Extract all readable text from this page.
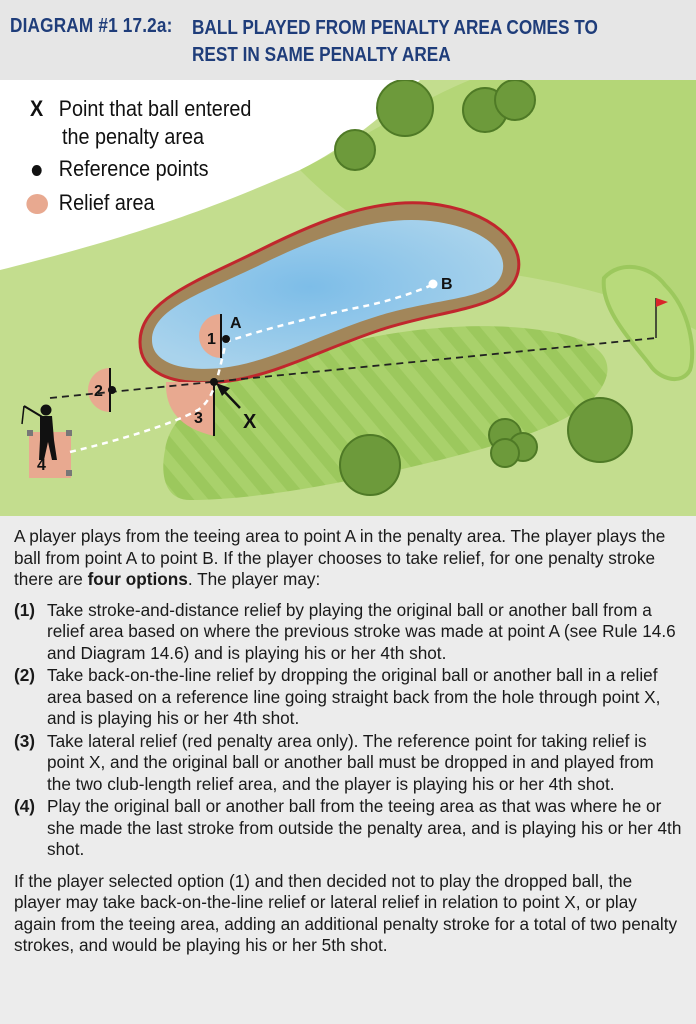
DIAGRAM #1 17.2a: BALL PLAYED FROM PENALTY AREA COMES TO
REST IN SAME PENALTY AREA
A
B
X
1
2
3
4
X Point that ball entered
the penalty area
Reference points
Relief area

A player plays from the teeing area to point A in the penalty area. The player plays the ball from point A to point B. If the player chooses to take relief, for one penalty stroke there are four options. The player may:

(1) Take stroke-and-distance relief by playing the original ball or another ball from a relief area based on where the previous stroke was made at point A (see Rule 14.6 and Diagram 14.6) and is playing his or her 4th shot.
(2) Take back-on-the-line relief by dropping the original ball or another ball in a relief area based on a reference line going straight back from the hole through point X, and is playing his or her 4th shot.
(3) Take lateral relief (red penalty area only). The reference point for taking relief is point X, and the original ball or another ball must be dropped in and played from the two club-length relief area, and the player is playing his or her 4th shot.
(4) Play the original ball or another ball from the teeing area as that was where he or she made the last stroke from outside the penalty area, and is playing his or her 4th shot.

If the player selected option (1) and then decided not to play the dropped ball, the player may take back-on-the-line relief or lateral relief in relation to point X, or play again from the teeing area, adding an additional penalty stroke for a total of two penalty strokes, and would be playing his or her 5th shot.
